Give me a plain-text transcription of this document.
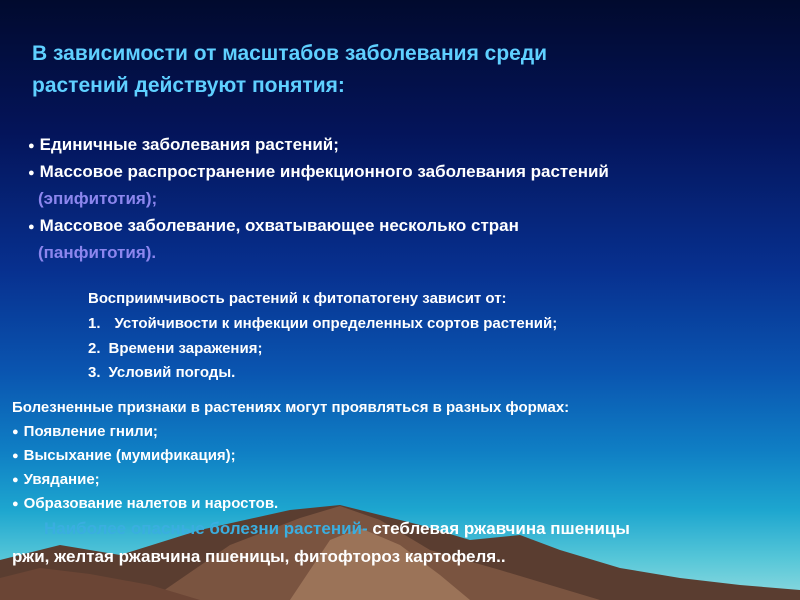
В зависимости от масштабов заболевания среди
растений действуют понятия:
● Единичные заболевания растений;
● Массовое распространение инфекционного заболевания растений
(эпифитотия);
● Массовое заболевание, охватывающее несколько стран
(панфитотия).
Восприимчивость растений к фитопатогену зависит от:
1. Устойчивости к инфекции определенных сортов растений;
2. Времени заражения;
3. Условий погоды.
Болезненные признаки в растениях могут проявляться в разных формах:
● Появление гнили;
● Высыхание (мумификация);
● Увядание;
● Образование налетов и наростов.
Наиболее опасные болезни растений- стеблевая ржавчина пшеницы
ржи, желтая ржавчина пшеницы, фитофтороз картофеля..
